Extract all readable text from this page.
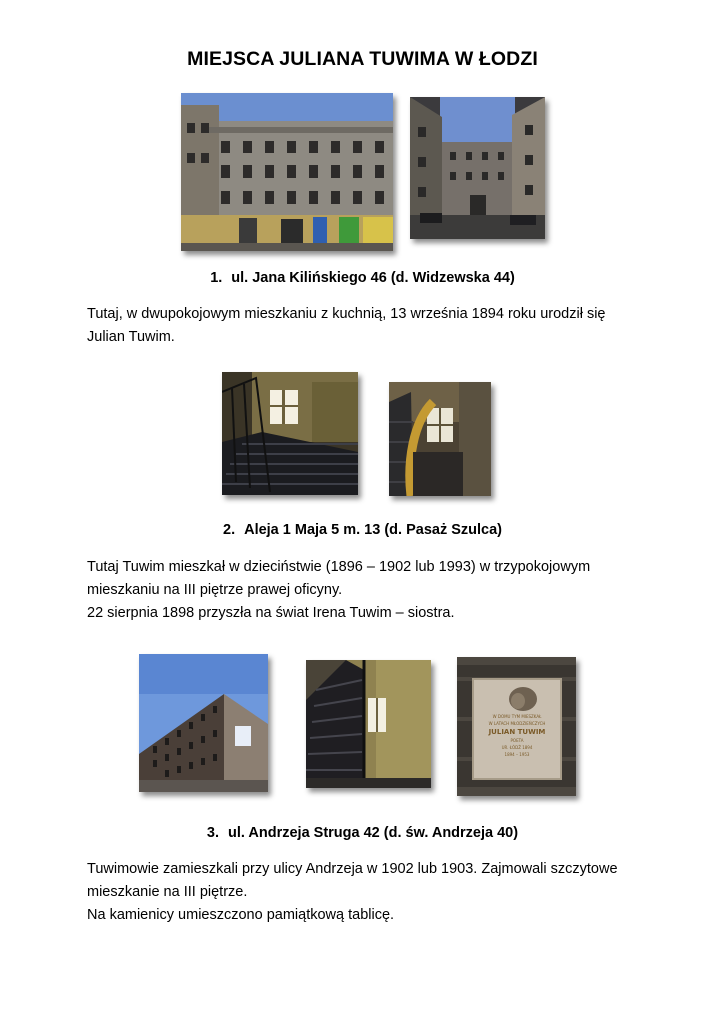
MIEJSCA JULIANA TUWIMA W ŁODZI
1. ul. Jana Kilińskiego 46 (d. Widzewska 44)
Tutaj, w dwupokojowym mieszkaniu z kuchnią, 13 września 1894 roku urodził się
Julian Tuwim.
2. Aleja 1 Maja 5 m. 13 (d. Pasaż Szulca)
Tutaj Tuwim mieszkał w dzieciństwie (1896 – 1902 lub 1993) w trzypokojowym
mieszkaniu na III piętrze prawej oficyny.
22 sierpnia 1898 przyszła na świat Irena Tuwim – siostra.
W DOMU TYM MIESZKAŁ
W LATACH MŁODZIEŃCZYCH
JULIAN TUWIM
POETA
UR. ŁÓDŹ 1894
1894 – 1953
3. ul. Andrzeja Struga 42 (d. św. Andrzeja 40)
Tuwimowie zamieszkali przy ulicy Andrzeja w 1902 lub 1903. Zajmowali szczytowe
mieszkanie na III piętrze.
Na kamienicy umieszczono pamiątkową tablicę.
